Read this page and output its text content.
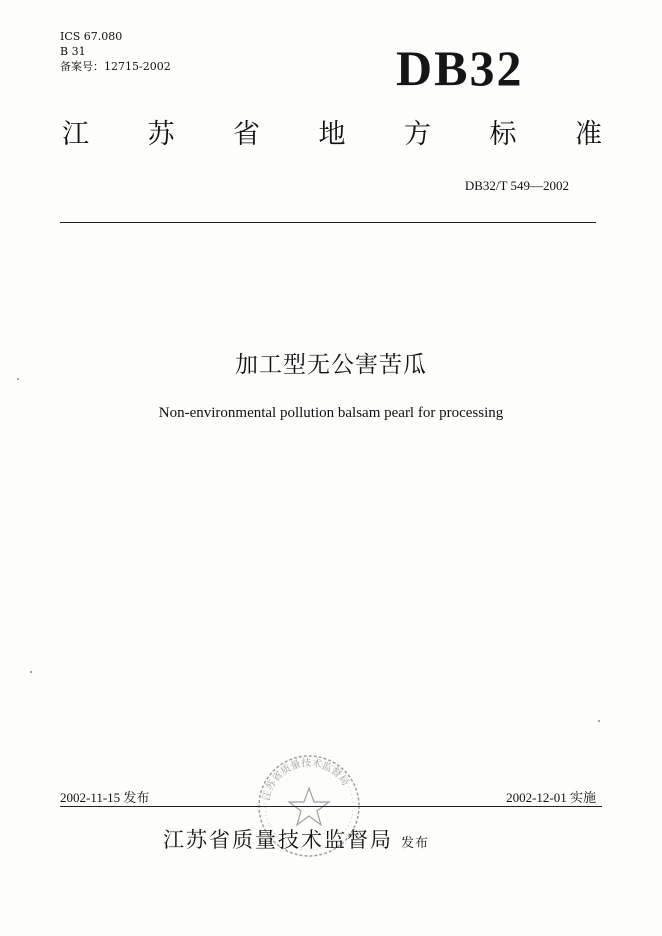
ICS 67.080
B 31
备案号：12715-2002	DB32
江 苏 省 地 方 标 准
DB32/T 549—2002
加工型无公害苦瓜
Non-environmental pollution balsam pearl for processing
江苏省质量技术监督局
2002-11-15 发布	2002-12-01 实施
江苏省质量技术监督局 发布
